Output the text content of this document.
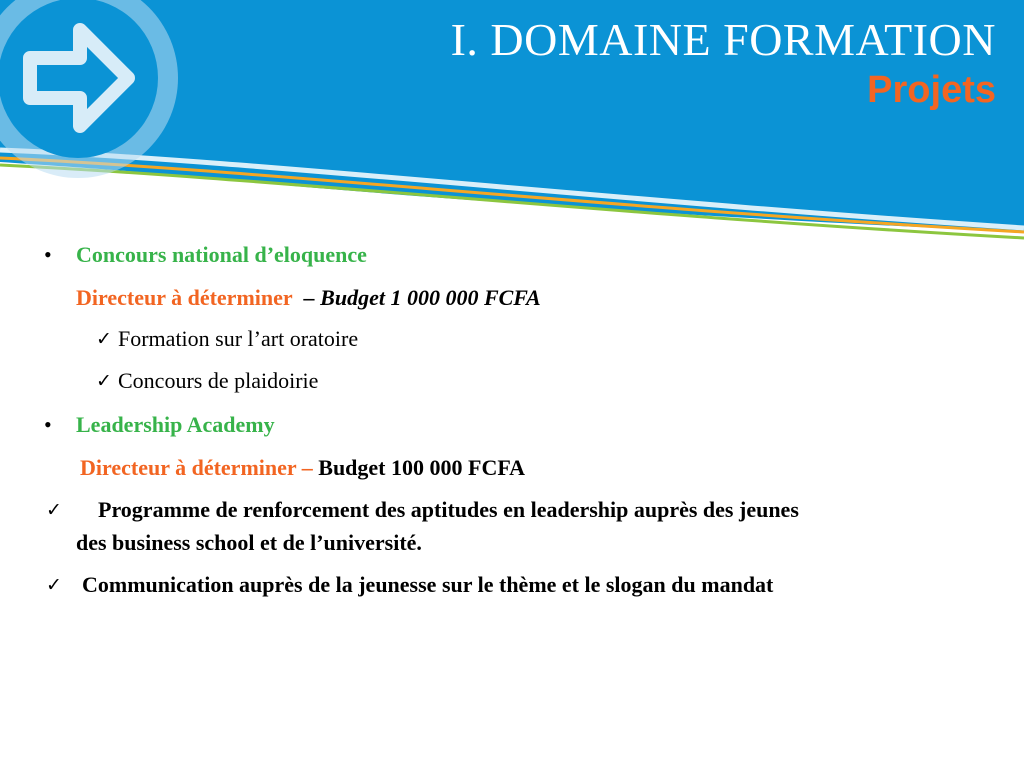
I. DOMAINE FORMATION
Projets
• Concours national d’eloquence
Directeur à déterminer – Budget 1 000 000 FCFA
✓ Formation sur l’art oratoire
✓ Concours de plaidoirie
• Leadership Academy
Directeur à déterminer – Budget 100 000 FCFA
✓ Programme de renforcement des aptitudes en leadership auprès des jeunes
des business school et de l’université.
✓ Communication auprès de la jeunesse sur le thème et le slogan du mandat
